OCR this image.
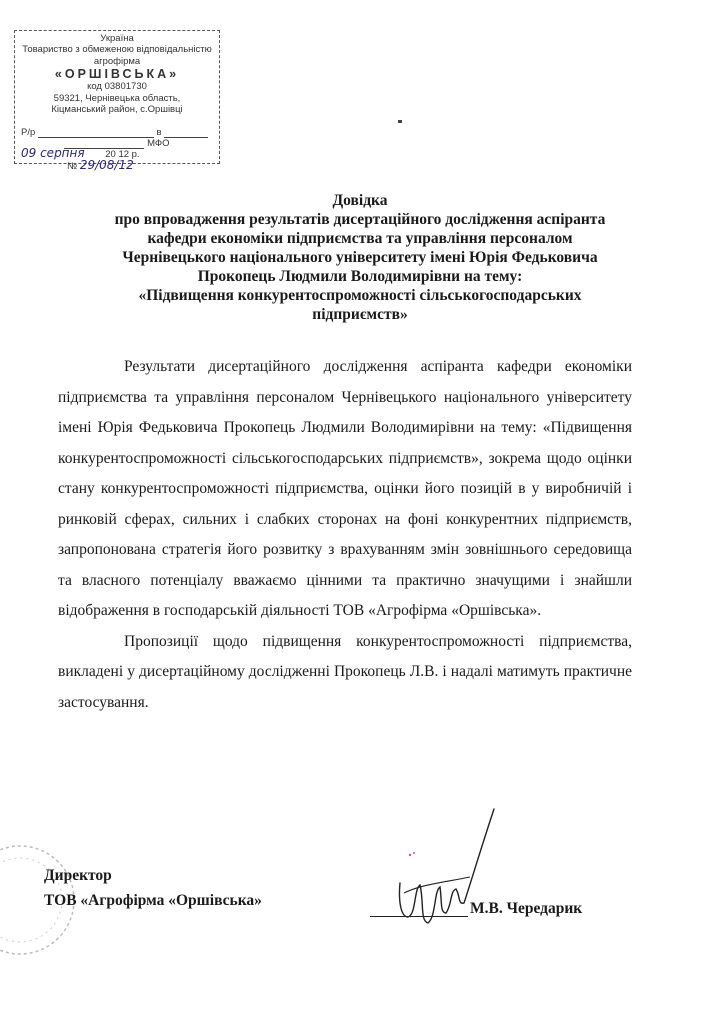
Україна
Товариство з обмеженою відповідальністю
агрофірма
«ОРШІВСЬКА»
код 03801730
59321, Чернівецька область,
Кіцманський район, с.Оршівці
Р/р	в
МФО
09 серпня 20 12 р.
№ 29/08/12
Довідка
про впровадження результатів дисертаційного дослідження аспіранта
кафедри економіки підприємства та управління персоналом
Чернівецького національного університету імені Юрія Федьковича
Прокопець Людмили Володимирівни на тему:
«Підвищення конкурентоспроможності сільськогосподарських
підприємств»

Результати дисертаційного дослідження аспіранта кафедри економіки підприємства та управління персоналом Чернівецького національного університету імені Юрія Федьковича Прокопець Людмили Володимирівни на тему: «Підвищення конкурентоспроможності сільськогосподарських підприємств», зокрема щодо оцінки стану конкурентоспроможності підприємства, оцінки його позицій в у виробничій і ринковій сферах, сильних і слабких сторонах на фоні конкурентних підприємств, запропонована стратегія його розвитку з врахуванням змін зовнішнього середовища та власного потенціалу вважаємо цінними та практично значущими і знайшли відображення в господарській діяльності ТОВ «Агрофірма «Оршівська».

Пропозиції щодо підвищення конкурентоспроможності підприємства, викладені у дисертаційному дослідженні Прокопець Л.В. і надалі матимуть практичне застосування.

Директор
ТОВ «Агрофірма «Оршівська»	М.В. Чередарик
